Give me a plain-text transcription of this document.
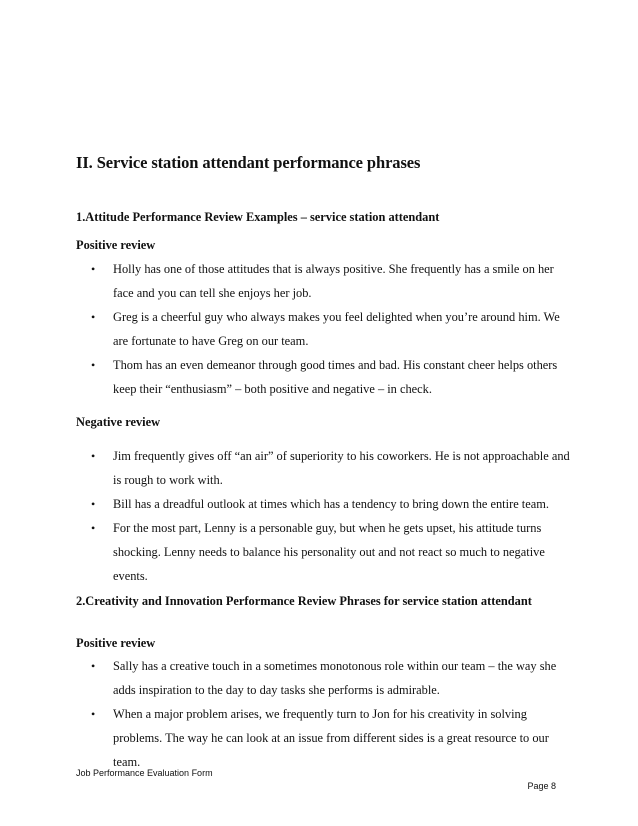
II. Service station attendant performance phrases
1.Attitude Performance Review Examples – service station attendant
Positive review
• Holly has one of those attitudes that is always positive. She frequently has a smile on her face and you can tell she enjoys her job.
• Greg is a cheerful guy who always makes you feel delighted when you’re around him. We are fortunate to have Greg on our team.
• Thom has an even demeanor through good times and bad. His constant cheer helps others keep their “enthusiasm” – both positive and negative – in check.
Negative review
• Jim frequently gives off “an air” of superiority to his coworkers. He is not approachable and is rough to work with.
• Bill has a dreadful outlook at times which has a tendency to bring down the entire team.
• For the most part, Lenny is a personable guy, but when he gets upset, his attitude turns shocking. Lenny needs to balance his personality out and not react so much to negative events.
2.Creativity and Innovation Performance Review Phrases for service station attendant
Positive review
• Sally has a creative touch in a sometimes monotonous role within our team – the way she adds inspiration to the day to day tasks she performs is admirable.
• When a major problem arises, we frequently turn to Jon for his creativity in solving problems. The way he can look at an issue from different sides is a great resource to our team.
Job Performance Evaluation Form
Page 8
